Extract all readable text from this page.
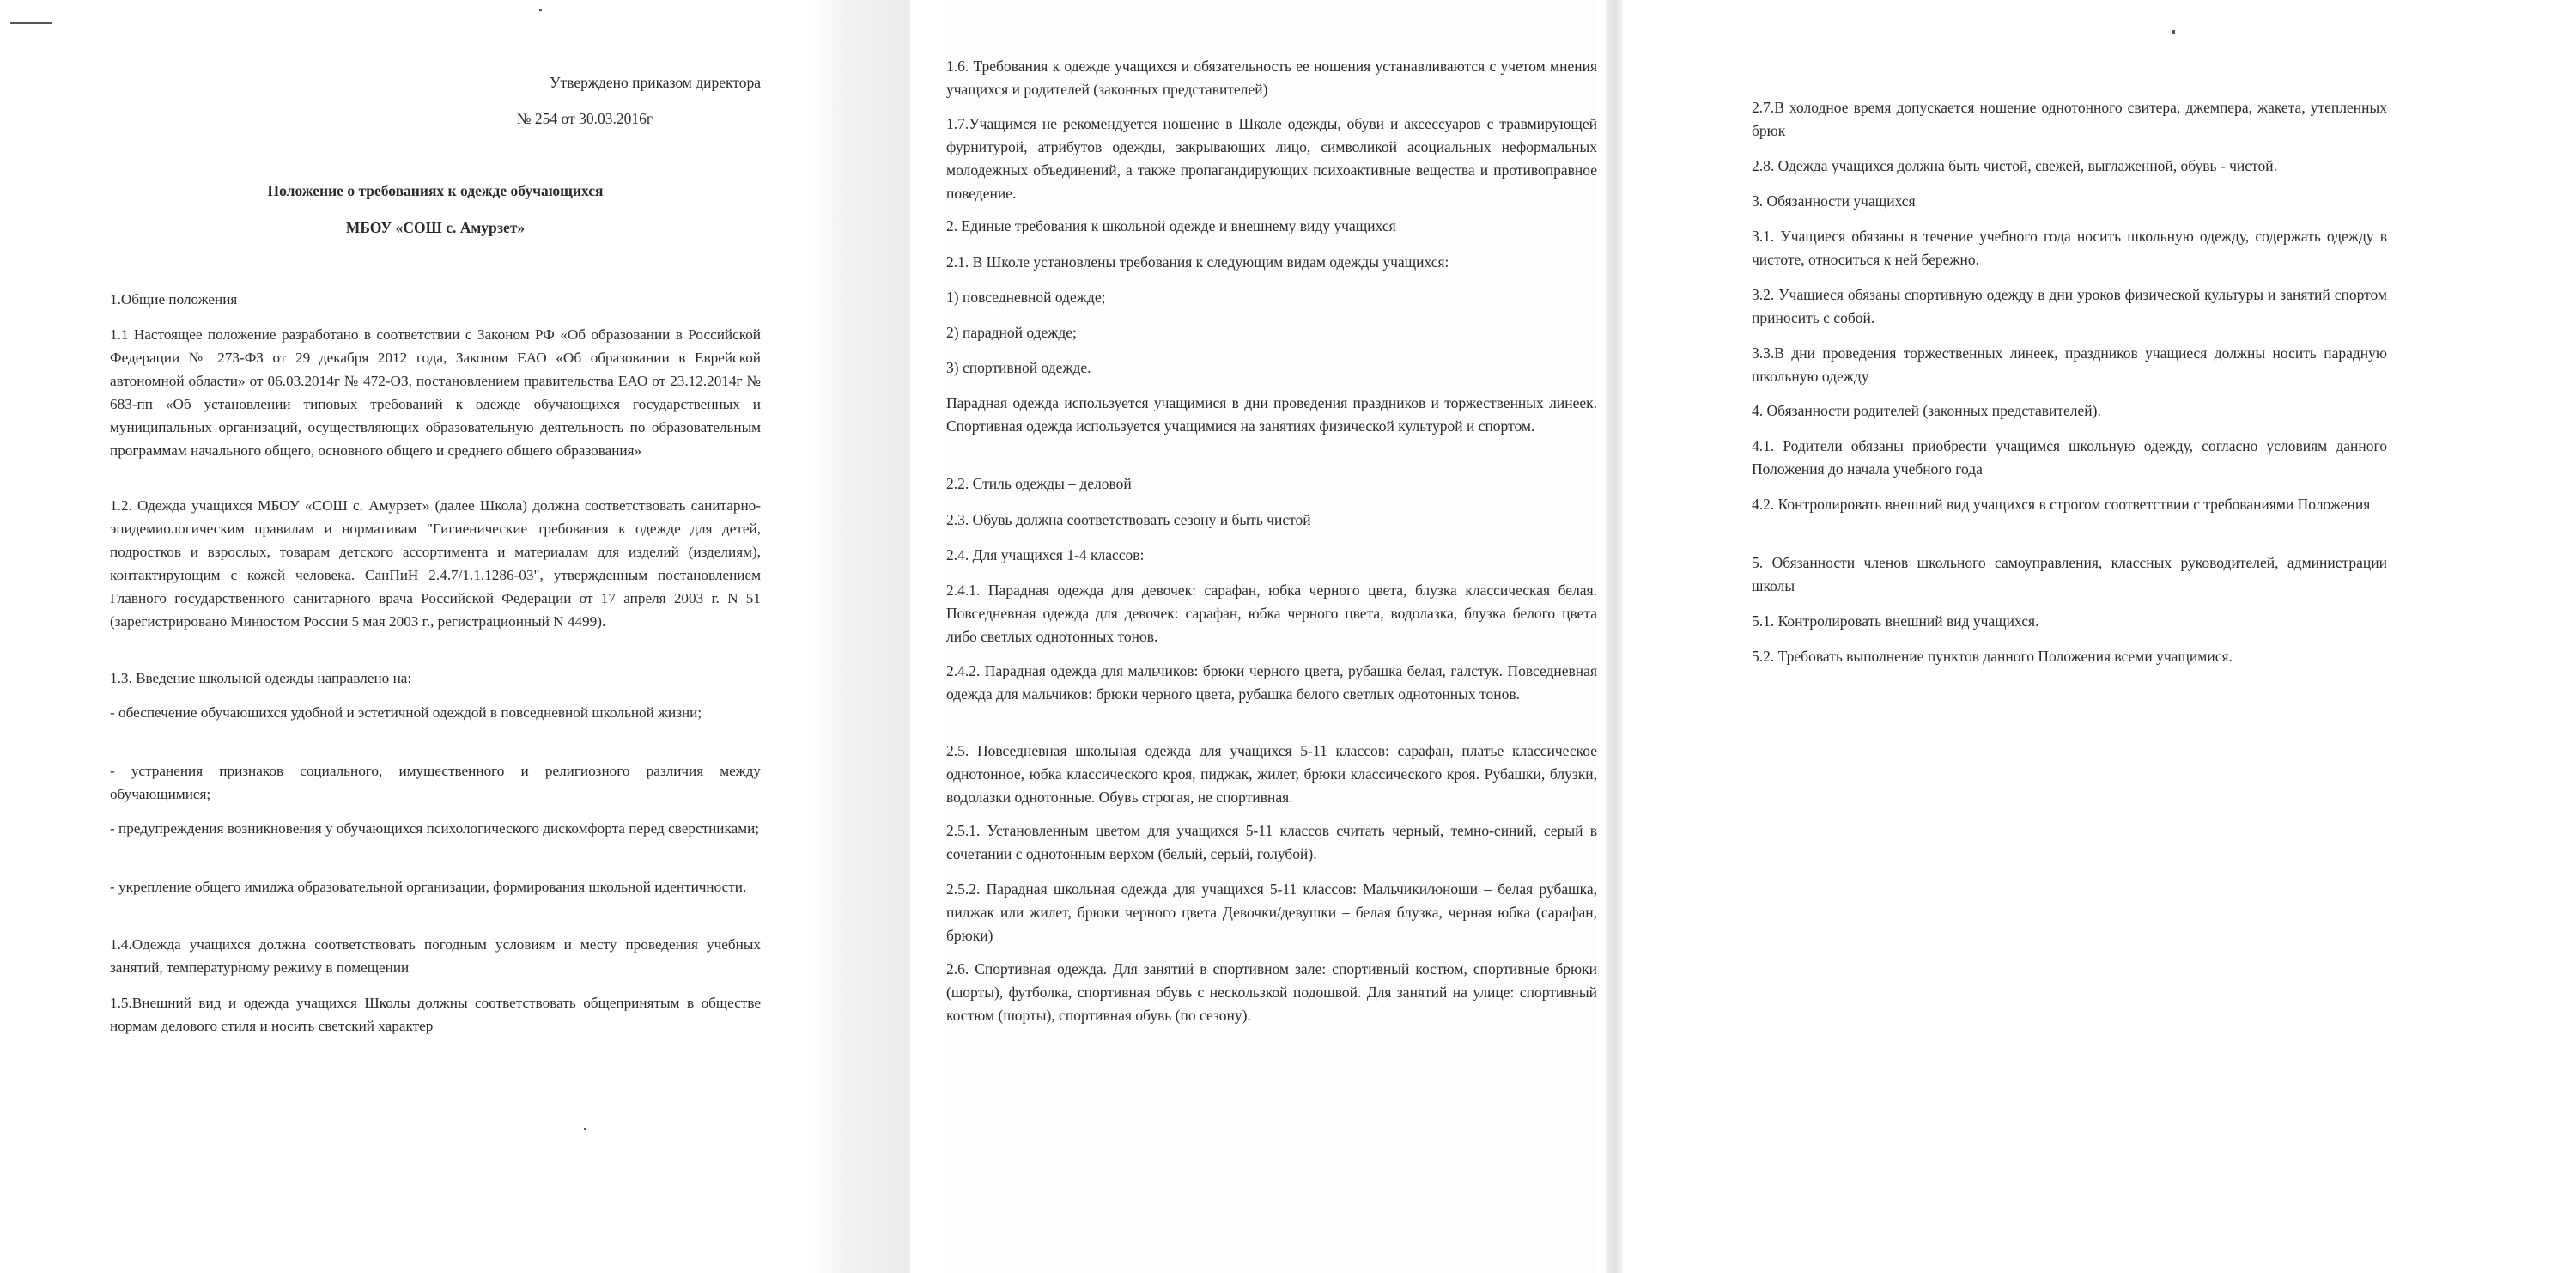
Утверждено приказом директора
№ 254 от 30.03.2016г
Положение о требованиях к одежде обучающихся
МБОУ «СОШ с. Амурзет»

1.Общие положения

1.1 Настоящее положение разработано в соответствии с Законом РФ «Об образовании в Российской Федерации № 273-ФЗ от 29 декабря 2012 года, Законом ЕАО «Об образовании в Еврейской автономной области» от 06.03.2014г № 472-ОЗ, постановлением правительства ЕАО от 23.12.2014г № 683-пп «Об установлении типовых требований к одежде обучающихся государственных и муниципальных организаций, осуществляющих образовательную деятельность по образовательным программам начального общего, основного общего и среднего общего образования»

1.2. Одежда учащихся МБОУ «СОШ с. Амурзет» (далее Школа) должна соответствовать санитарно-эпидемиологическим правилам и нормативам "Гигиенические требования к одежде для детей, подростков и взрослых, товарам детского ассортимента и материалам для изделий (изделиям), контактирующим с кожей человека. СанПиН 2.4.7/1.1.1286-03", утвержденным постановлением Главного государственного санитарного врача Российской Федерации от 17 апреля 2003 г. N 51 (зарегистрировано Минюстом России 5 мая 2003 г., регистрационный N 4499).

1.3. Введение школьной одежды направлено на:

- обеспечение обучающихся удобной и эстетичной одеждой в повседневной школьной жизни;

- устранения признаков социального, имущественного и религиозного различия между обучающимися;

- предупреждения возникновения у обучающихся психологического дискомфорта перед сверстниками;

- укрепление общего имиджа образовательной организации, формирования школьной идентичности.

1.4.Одежда учащихся должна соответствовать погодным условиям и месту проведения учебных занятий, температурному режиму в помещении

1.5.Внешний вид и одежда учащихся Школы должны соответствовать общепринятым в обществе нормам делового стиля и носить светский характер

1.6. Требования к одежде учащихся и обязательность ее ношения устанавливаются с учетом мнения учащихся и родителей (законных представителей)

1.7.Учащимся не рекомендуется ношение в Школе одежды, обуви и аксессуаров с травмирующей фурнитурой, атрибутов одежды, закрывающих лицо, символикой асоциальных неформальных молодежных объединений, а также пропагандирующих психоактивные вещества и противоправное поведение.

2. Единые требования к школьной одежде и внешнему виду учащихся

2.1. В Школе установлены требования к следующим видам одежды учащихся:

1) повседневной одежде;

2) парадной одежде;

3) спортивной одежде.

Парадная одежда используется учащимися в дни проведения праздников и торжественных линеек. Спортивная одежда используется учащимися на занятиях физической культурой и спортом.

2.2. Стиль одежды – деловой

2.3. Обувь должна соответствовать сезону и быть чистой

2.4. Для учащихся 1-4 классов:

2.4.1. Парадная одежда для девочек: сарафан, юбка черного цвета, блузка классическая белая. Повседневная одежда для девочек: сарафан, юбка черного цвета, водолазка, блузка белого цвета либо светлых однотонных тонов.

2.4.2. Парадная одежда для мальчиков: брюки черного цвета, рубашка белая, галстук. Повседневная одежда для мальчиков: брюки черного цвета, рубашка белого светлых однотонных тонов.

2.5. Повседневная школьная одежда для учащихся 5-11 классов: сарафан, платье классическое однотонное, юбка классического кроя, пиджак, жилет, брюки классического кроя. Рубашки, блузки, водолазки однотонные. Обувь строгая, не спортивная.

2.5.1. Установленным цветом для учащихся 5-11 классов считать черный, темно-синий, серый в сочетании с однотонным верхом (белый, серый, голубой).

2.5.2. Парадная школьная одежда для учащихся 5-11 классов: Мальчики/юноши – белая рубашка, пиджак или жилет, брюки черного цвета Девочки/девушки – белая блузка, черная юбка (сарафан, брюки)

2.6. Спортивная одежда. Для занятий в спортивном зале: спортивный костюм, спортивные брюки (шорты), футболка, спортивная обувь с нескользкой подошвой. Для занятий на улице: спортивный костюм (шорты), спортивная обувь (по сезону).

2.7.В холодное время допускается ношение однотонного свитера, джемпера, жакета, утепленных брюк

2.8. Одежда учащихся должна быть чистой, свежей, выглаженной, обувь - чистой.

3. Обязанности учащихся

3.1. Учащиеся обязаны в течение учебного года носить школьную одежду, содержать одежду в чистоте, относиться к ней бережно.

3.2. Учащиеся обязаны спортивную одежду в дни уроков физической культуры и занятий спортом приносить с собой.

3.3.В дни проведения торжественных линеек, праздников учащиеся должны носить парадную школьную одежду

4. Обязанности родителей (законных представителей).

4.1. Родители обязаны приобрести учащимся школьную одежду, согласно условиям данного Положения до начала учебного года

4.2. Контролировать внешний вид учащихся в строгом соответствии с требованиями Положения

5. Обязанности членов школьного самоуправления, классных руководителей, администрации школы

5.1. Контролировать внешний вид учащихся.

5.2. Требовать выполнение пунктов данного Положения всеми учащимися.
